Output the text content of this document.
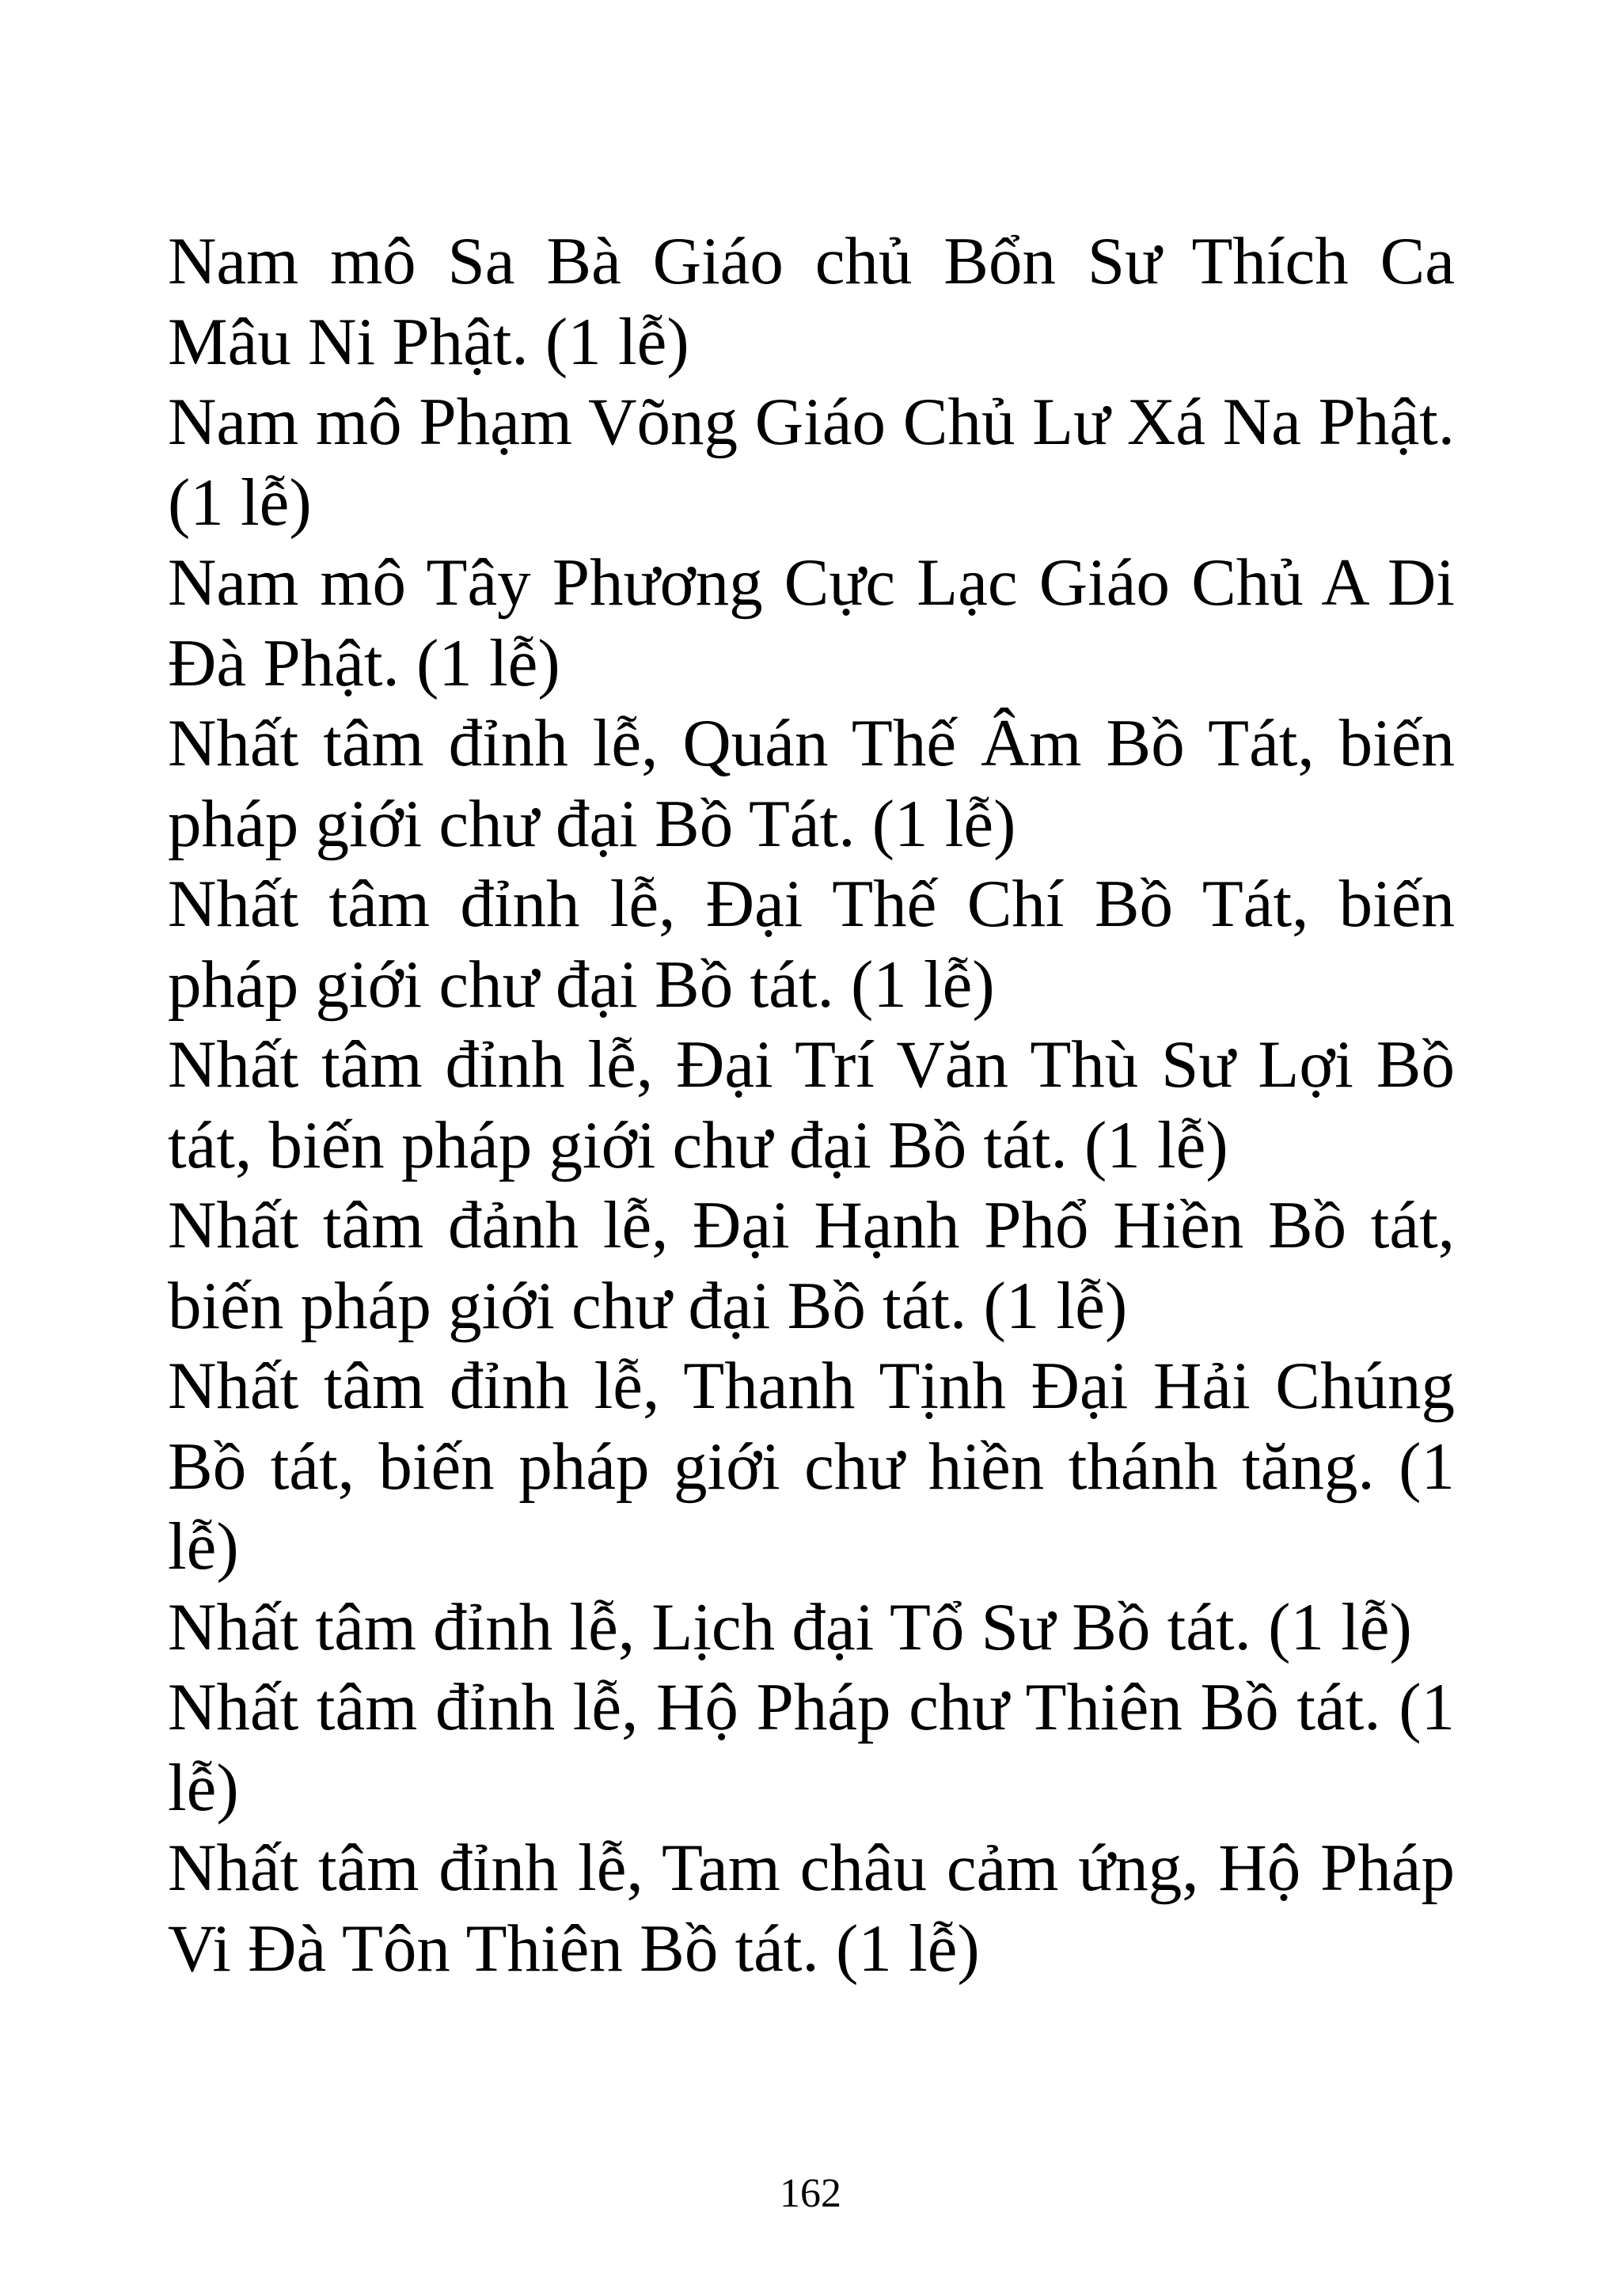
Nam mô Sa Bà Giáo chủ Bổn Sư Thích Ca Mâu Ni Phật. (1 lễ)

Nam mô Phạm Võng Giáo Chủ Lư Xá Na Phật. (1 lễ)

Nam mô Tây Phương Cực Lạc Giáo Chủ A Di Đà Phật. (1 lễ)

Nhất tâm đỉnh lễ, Quán Thế Âm Bồ Tát, biến pháp giới chư đại Bồ Tát. (1 lễ)

Nhất tâm đỉnh lễ, Đại Thế Chí Bồ Tát, biến pháp giới chư đại Bồ tát. (1 lễ)

Nhất tâm đỉnh lễ, Đại Trí Văn Thù Sư Lợi Bồ tát, biến pháp giới chư đại Bồ tát. (1 lễ)

Nhất tâm đảnh lễ, Đại Hạnh Phổ Hiền Bồ tát, biến pháp giới chư đại Bồ tát. (1 lễ)

Nhất tâm đỉnh lễ, Thanh Tịnh Đại Hải Chúng Bồ tát, biến pháp giới chư hiền thánh tăng. (1 lễ)

Nhất tâm đỉnh lễ, Lịch đại Tổ Sư Bồ tát. (1 lễ)

Nhất tâm đỉnh lễ, Hộ Pháp chư Thiên Bồ tát. (1 lễ)

Nhất tâm đỉnh lễ, Tam châu cảm ứng, Hộ Pháp Vi Đà Tôn Thiên Bồ tát. (1 lễ)

162
